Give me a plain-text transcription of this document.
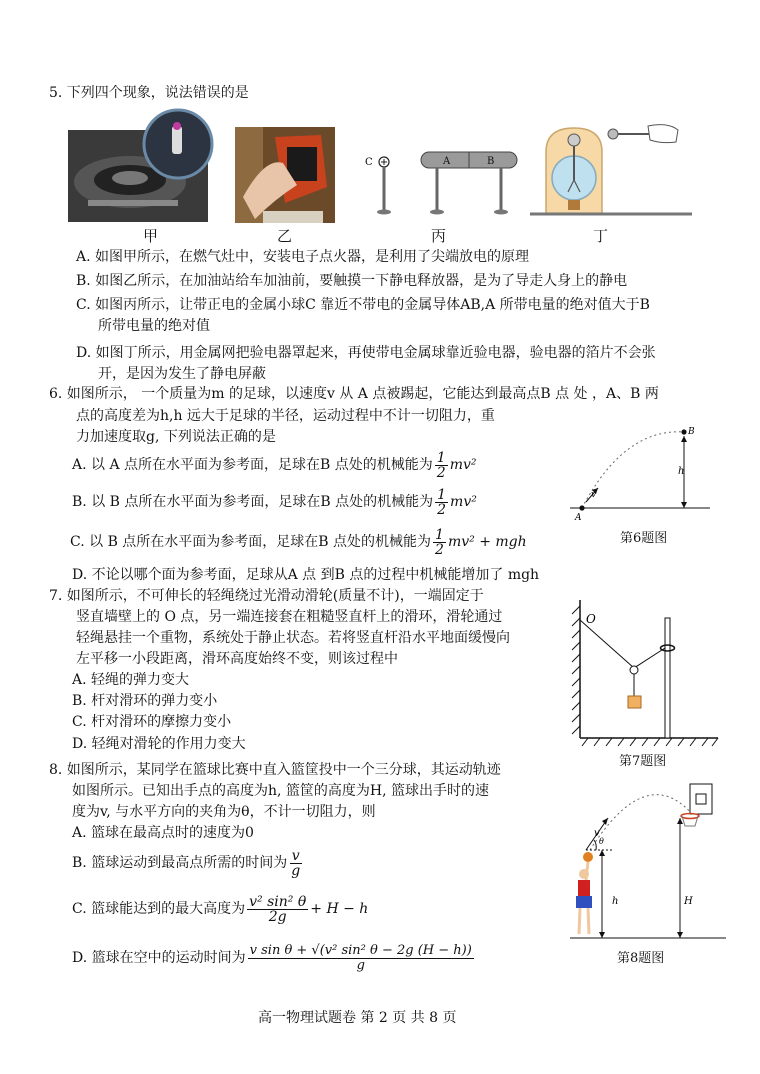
5. 下列四个现象，说法错误的是
C	A	B
甲	乙	丙	丁
A. 如图甲所示，在燃气灶中，安装电子点火器，是利用了尖端放电的原理
B. 如图乙所示，在加油站给车加油前，要触摸一下静电释放器，是为了导走人身上的静电
C. 如图丙所示，让带正电的金属小球C 靠近不带电的金属导体AB,A 所带电量的绝对值大于B
所带电量的绝对值
D. 如图丁所示，用金属网把验电器罩起来，再使带电金属球靠近验电器，验电器的箔片不会张
开，是因为发生了静电屏蔽
6. 如图所示， 一个质量为m 的足球，以速度v 从 A 点被踢起，它能达到最高点B 点 处 ，A、B 两
点的高度差为h,h 远大于足球的半径，运动过程中不计一切阻力，重
力加速度取g, 下列说法正确的是
A. 以 A 点所在水平面为参考面，足球在B 点处的机械能为 $\frac{1}{2} mv^2$
B. 以 B 点所在水平面为参考面，足球在B 点处的机械能为 $\frac{1}{2} mv^2$
C. 以 B 点所在水平面为参考面，足球在B 点处的机械能为 $\frac{1}{2} mv^2$ + mgh
D. 不论以哪个面为参考面，足球从A 点 到B 点的过程中机械能增加了 mgh
B
h
v
A
第6题图
7. 如图所示，不可伸长的轻绳绕过光滑动滑轮(质量不计)，一端固定于
竖直墙壁上的 O 点，另一端连接套在粗糙竖直杆上的滑环，滑轮通过
轻绳悬挂一个重物，系统处于静止状态。若将竖直杆沿水平地面缓慢向
左平移一小段距离，滑环高度始终不变，则该过程中
A. 轻绳的弹力变大
B. 杆对滑环的弹力变小
C. 杆对滑环的摩擦力变小
D. 轻绳对滑轮的作用力变大
O
第7题图
8. 如图所示，某同学在篮球比赛中直入篮筐投中一个三分球，其运动轨迹
如图所示。已知出手点的高度为h, 篮筐的高度为H, 篮球出手时的速
度为v, 与水平方向的夹角为θ，不计一切阻力，则
A. 篮球在最高点时的速度为0
B. 篮球运动到最高点所需的时间为 $\frac{v}{g}$
C. 篮球能达到的最大高度为 $\frac{\text{v² sin² θ}}{2g} + H - h$
D. 篮球在空中的运动时间为 $\frac{\text{v sin θ + √(v² sin² θ − 2g (H − h))}}{g}$
v
θ
h	H
第8题图
高一物理试题卷 第 2 页 共 8 页
